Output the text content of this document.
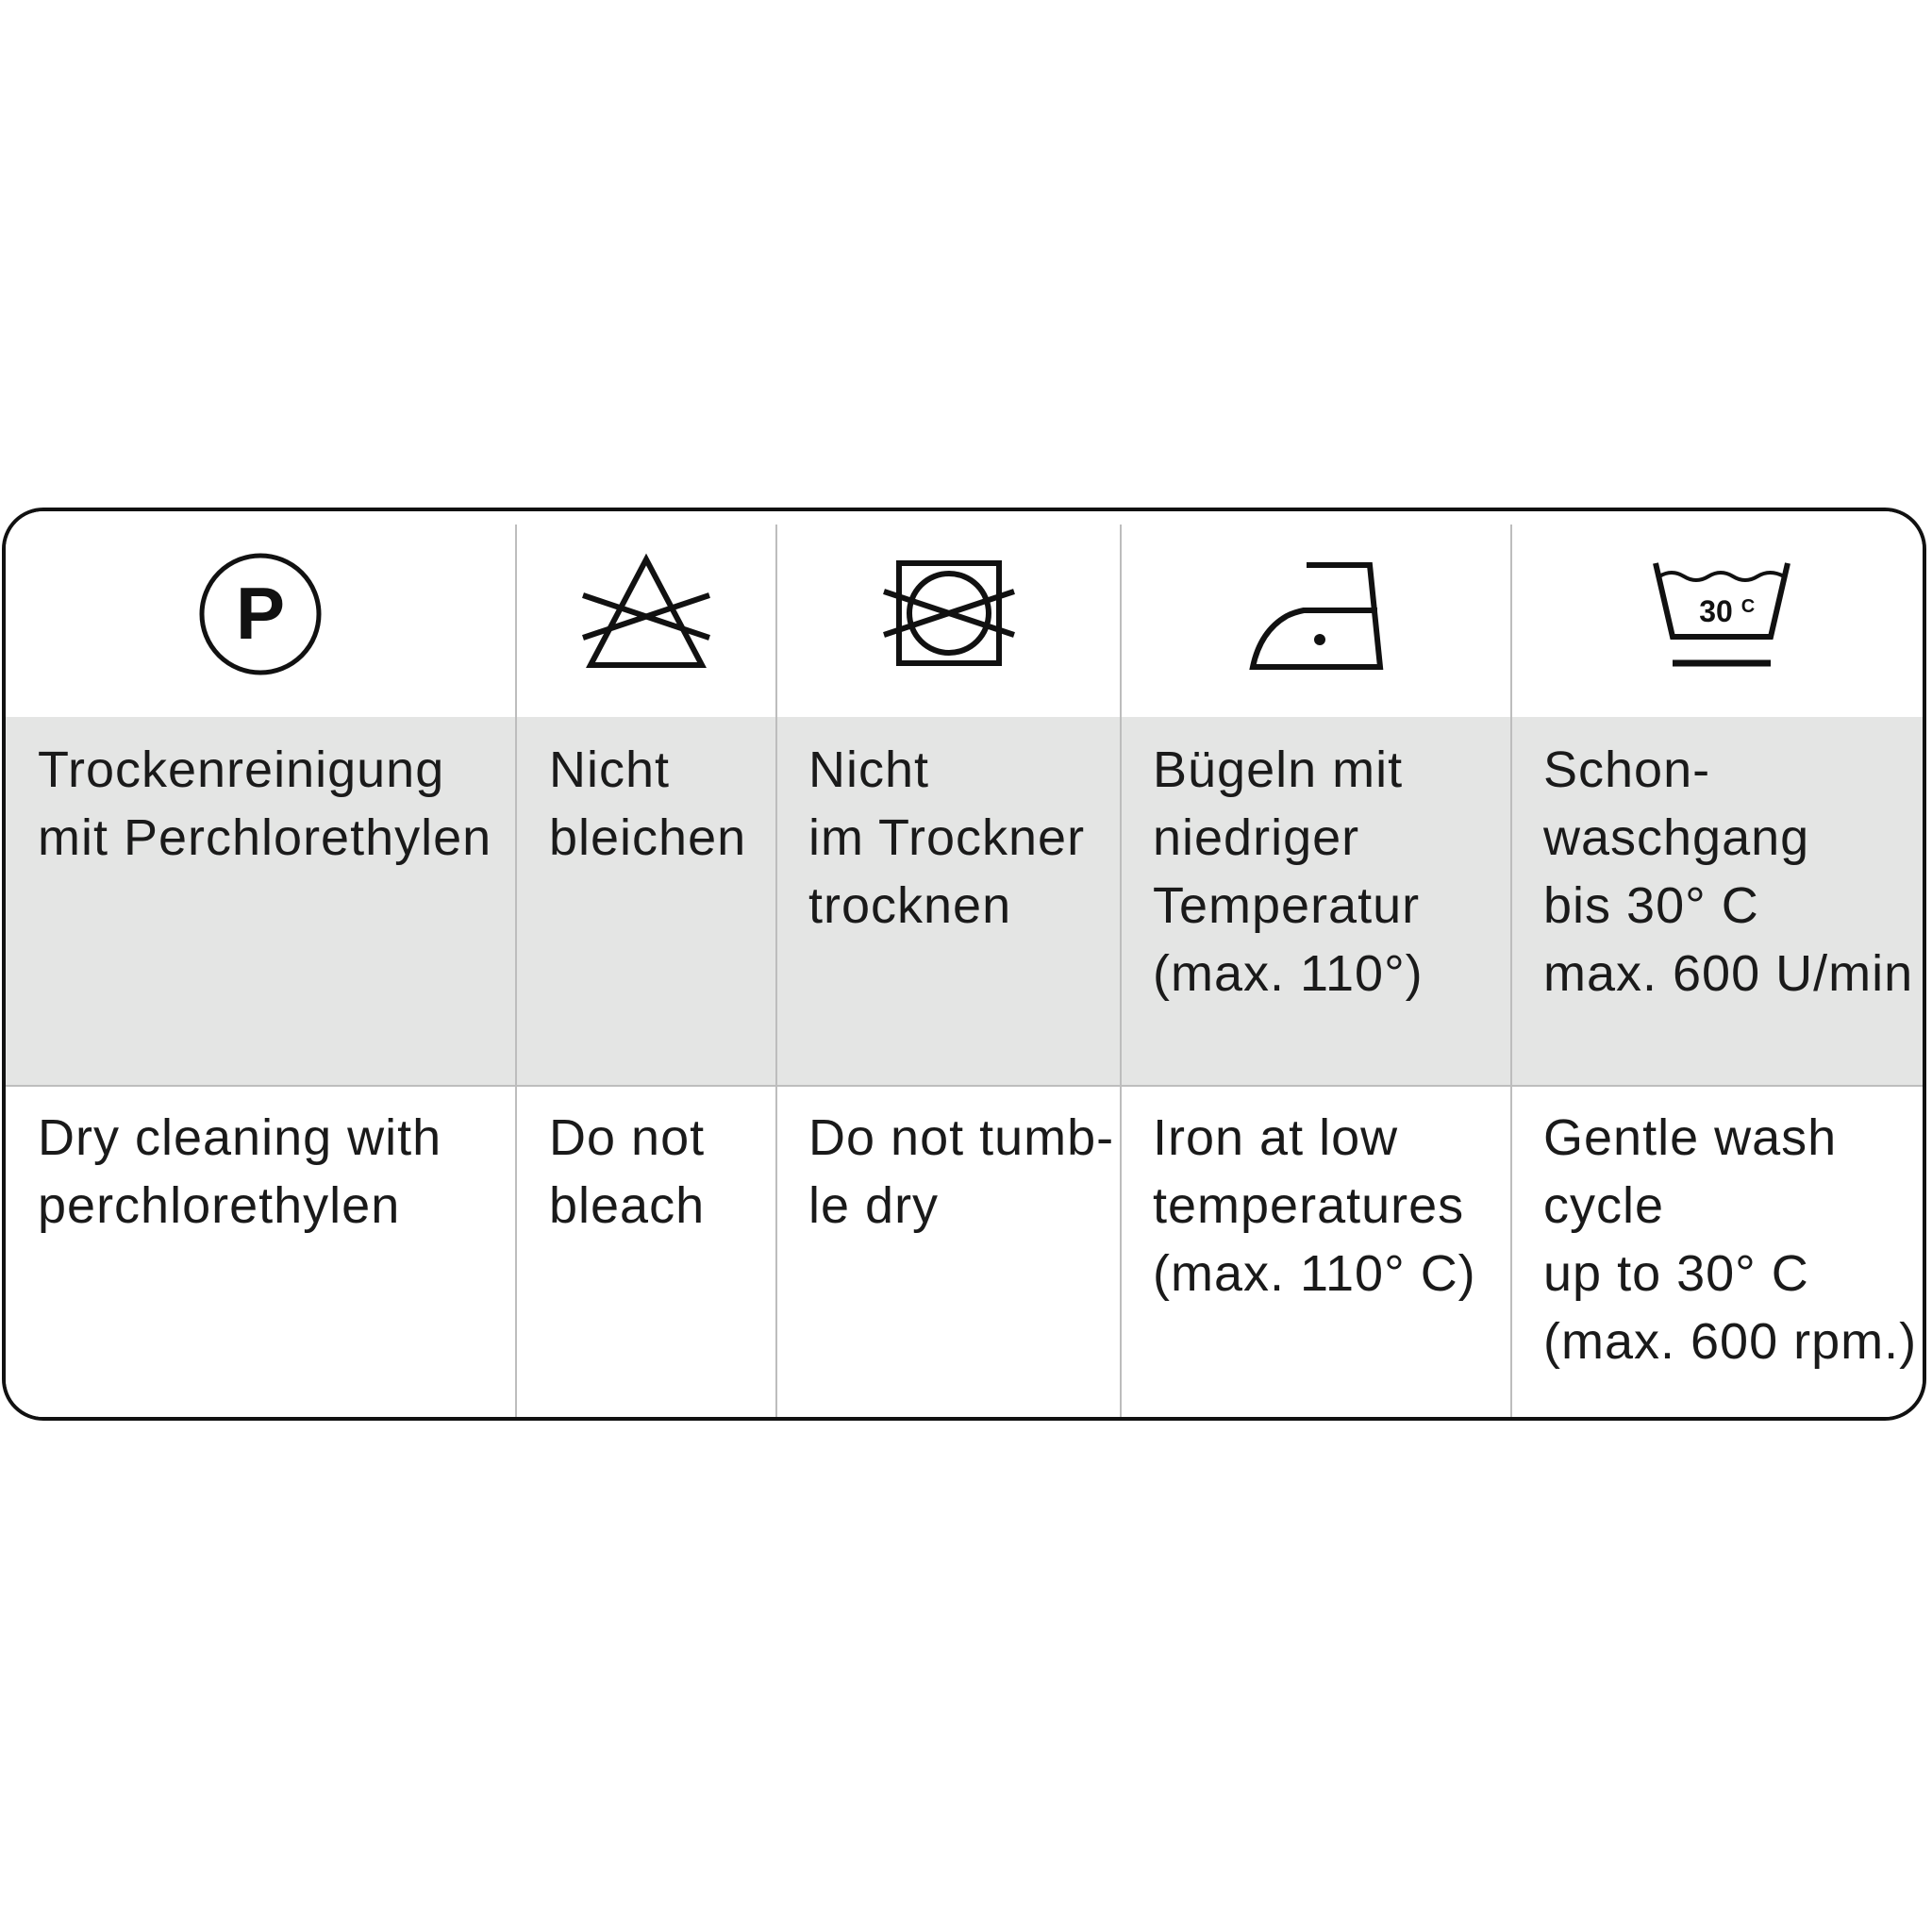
P	30 C
Trockenreinigung
mit Perchlorethylen
Nicht
bleichen
Nicht
im Trockner
trocknen
Bügeln mit
niedriger
Temperatur
(max. 110°)
Schon-
waschgang
bis 30° C
max. 600 U/min
Dry cleaning with
perchlorethylen
Do not
bleach
Do not tumb-
le dry
Iron at low
temperatures
(max. 110° C)
Gentle wash
cycle
up to 30° C
(max. 600 rpm.)
